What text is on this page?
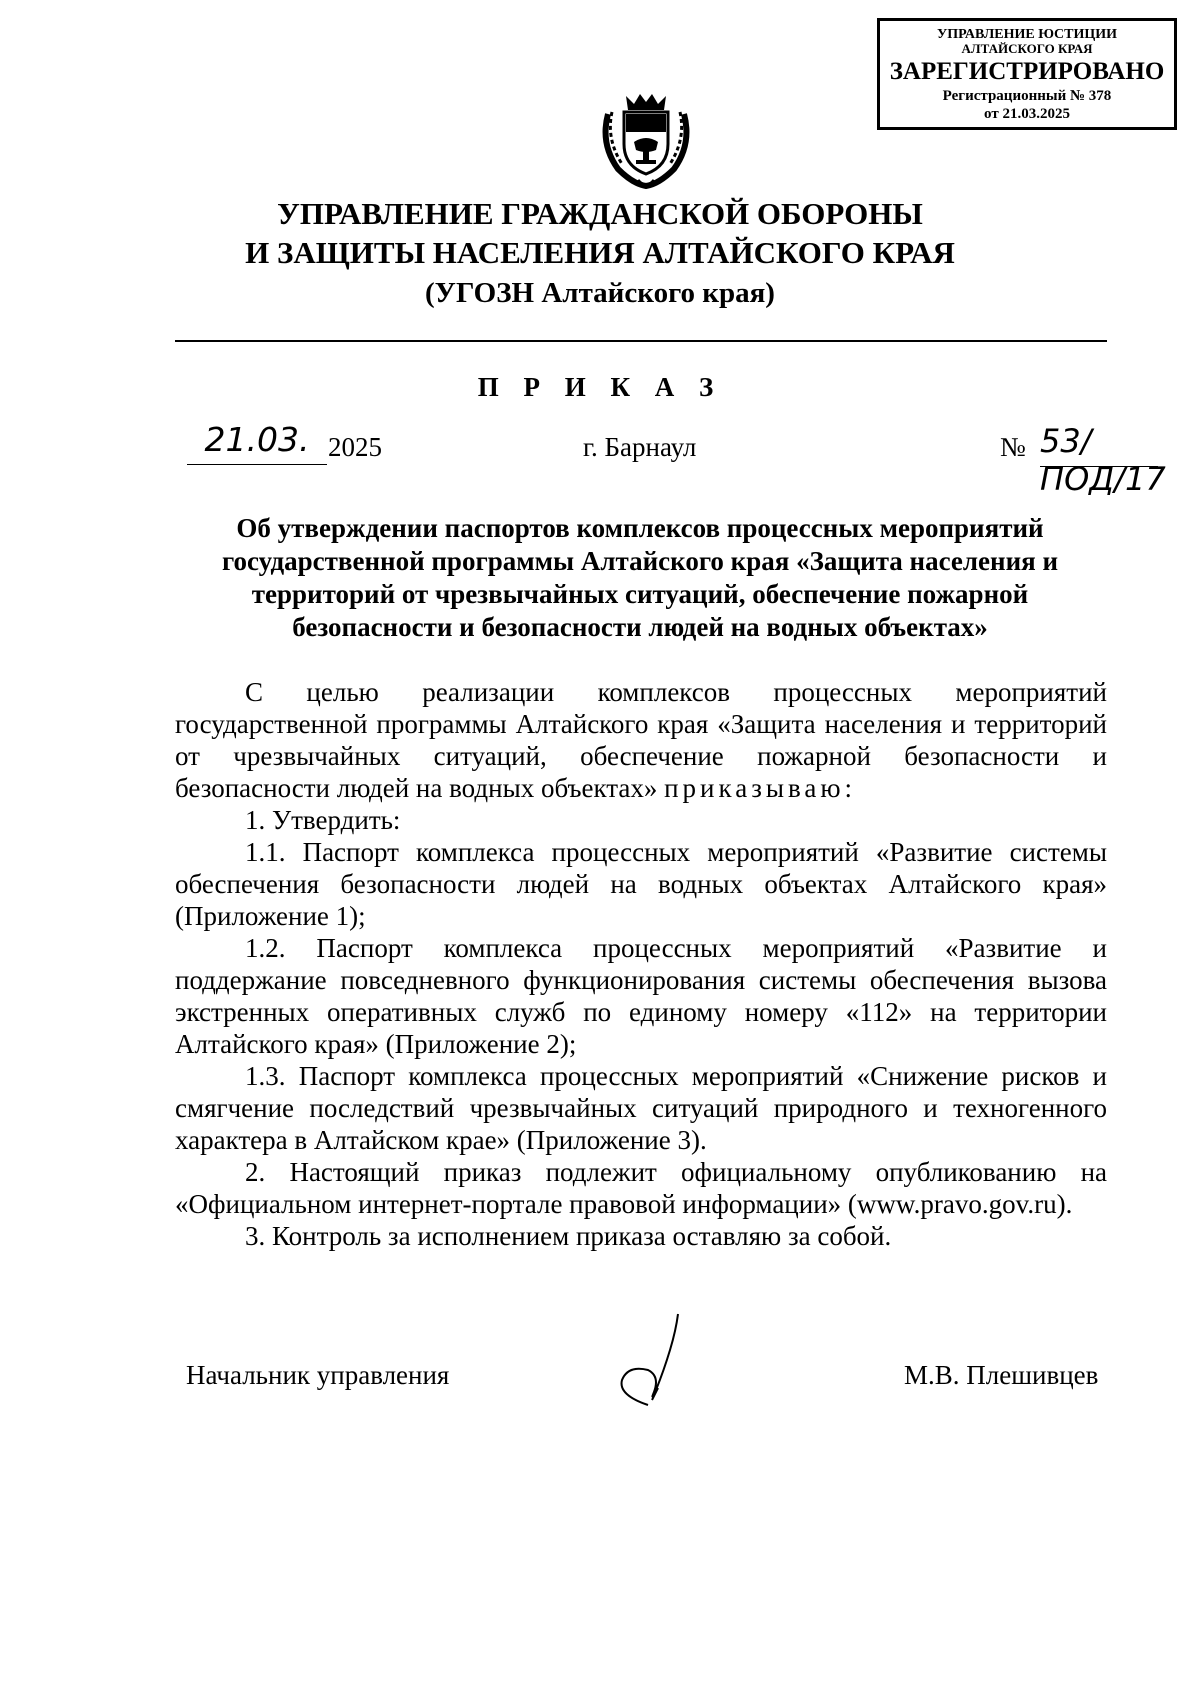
УПРАВЛЕНИЕ ЮСТИЦИИ
АЛТАЙСКОГО КРАЯ
ЗАРЕГИСТРИРОВАНО
Регистрационный № 378
от 21.03.2025
УПРАВЛЕНИЕ ГРАЖДАНСКОЙ ОБОРОНЫ
И ЗАЩИТЫ НАСЕЛЕНИЯ АЛТАЙСКОГО КРАЯ
(УГОЗН Алтайского края)
П Р И К А З
21.03. 2025	г. Барнаул	№ 53/ПОД/17
Об утверждении паспортов комплексов процессных мероприятий
государственной программы Алтайского края «Защита населения и
территорий от чрезвычайных ситуаций, обеспечение пожарной
безопасности и безопасности людей на водных объектах»

С целью реализации комплексов процессных мероприятий государственной программы Алтайского края «Защита населения и территорий от чрезвычайных ситуаций, обеспечение пожарной безопасности и безопасности людей на водных объектах» приказываю:

1. Утвердить:

1.1. Паспорт комплекса процессных мероприятий «Развитие системы обеспечения безопасности людей на водных объектах Алтайского края» (Приложение 1);

1.2. Паспорт комплекса процессных мероприятий «Развитие и поддержание повседневного функционирования системы обеспечения вызова экстренных оперативных служб по единому номеру «112» на территории Алтайского края» (Приложение 2);

1.3. Паспорт комплекса процессных мероприятий «Снижение рисков и смягчение последствий чрезвычайных ситуаций природного и техногенного характера в Алтайском крае» (Приложение 3).

2. Настоящий приказ подлежит официальному опубликованию на «Официальном интернет-портале правовой информации» (www.pravo.gov.ru).

3. Контроль за исполнением приказа оставляю за собой.

Начальник управления	М.В. Плешивцев
